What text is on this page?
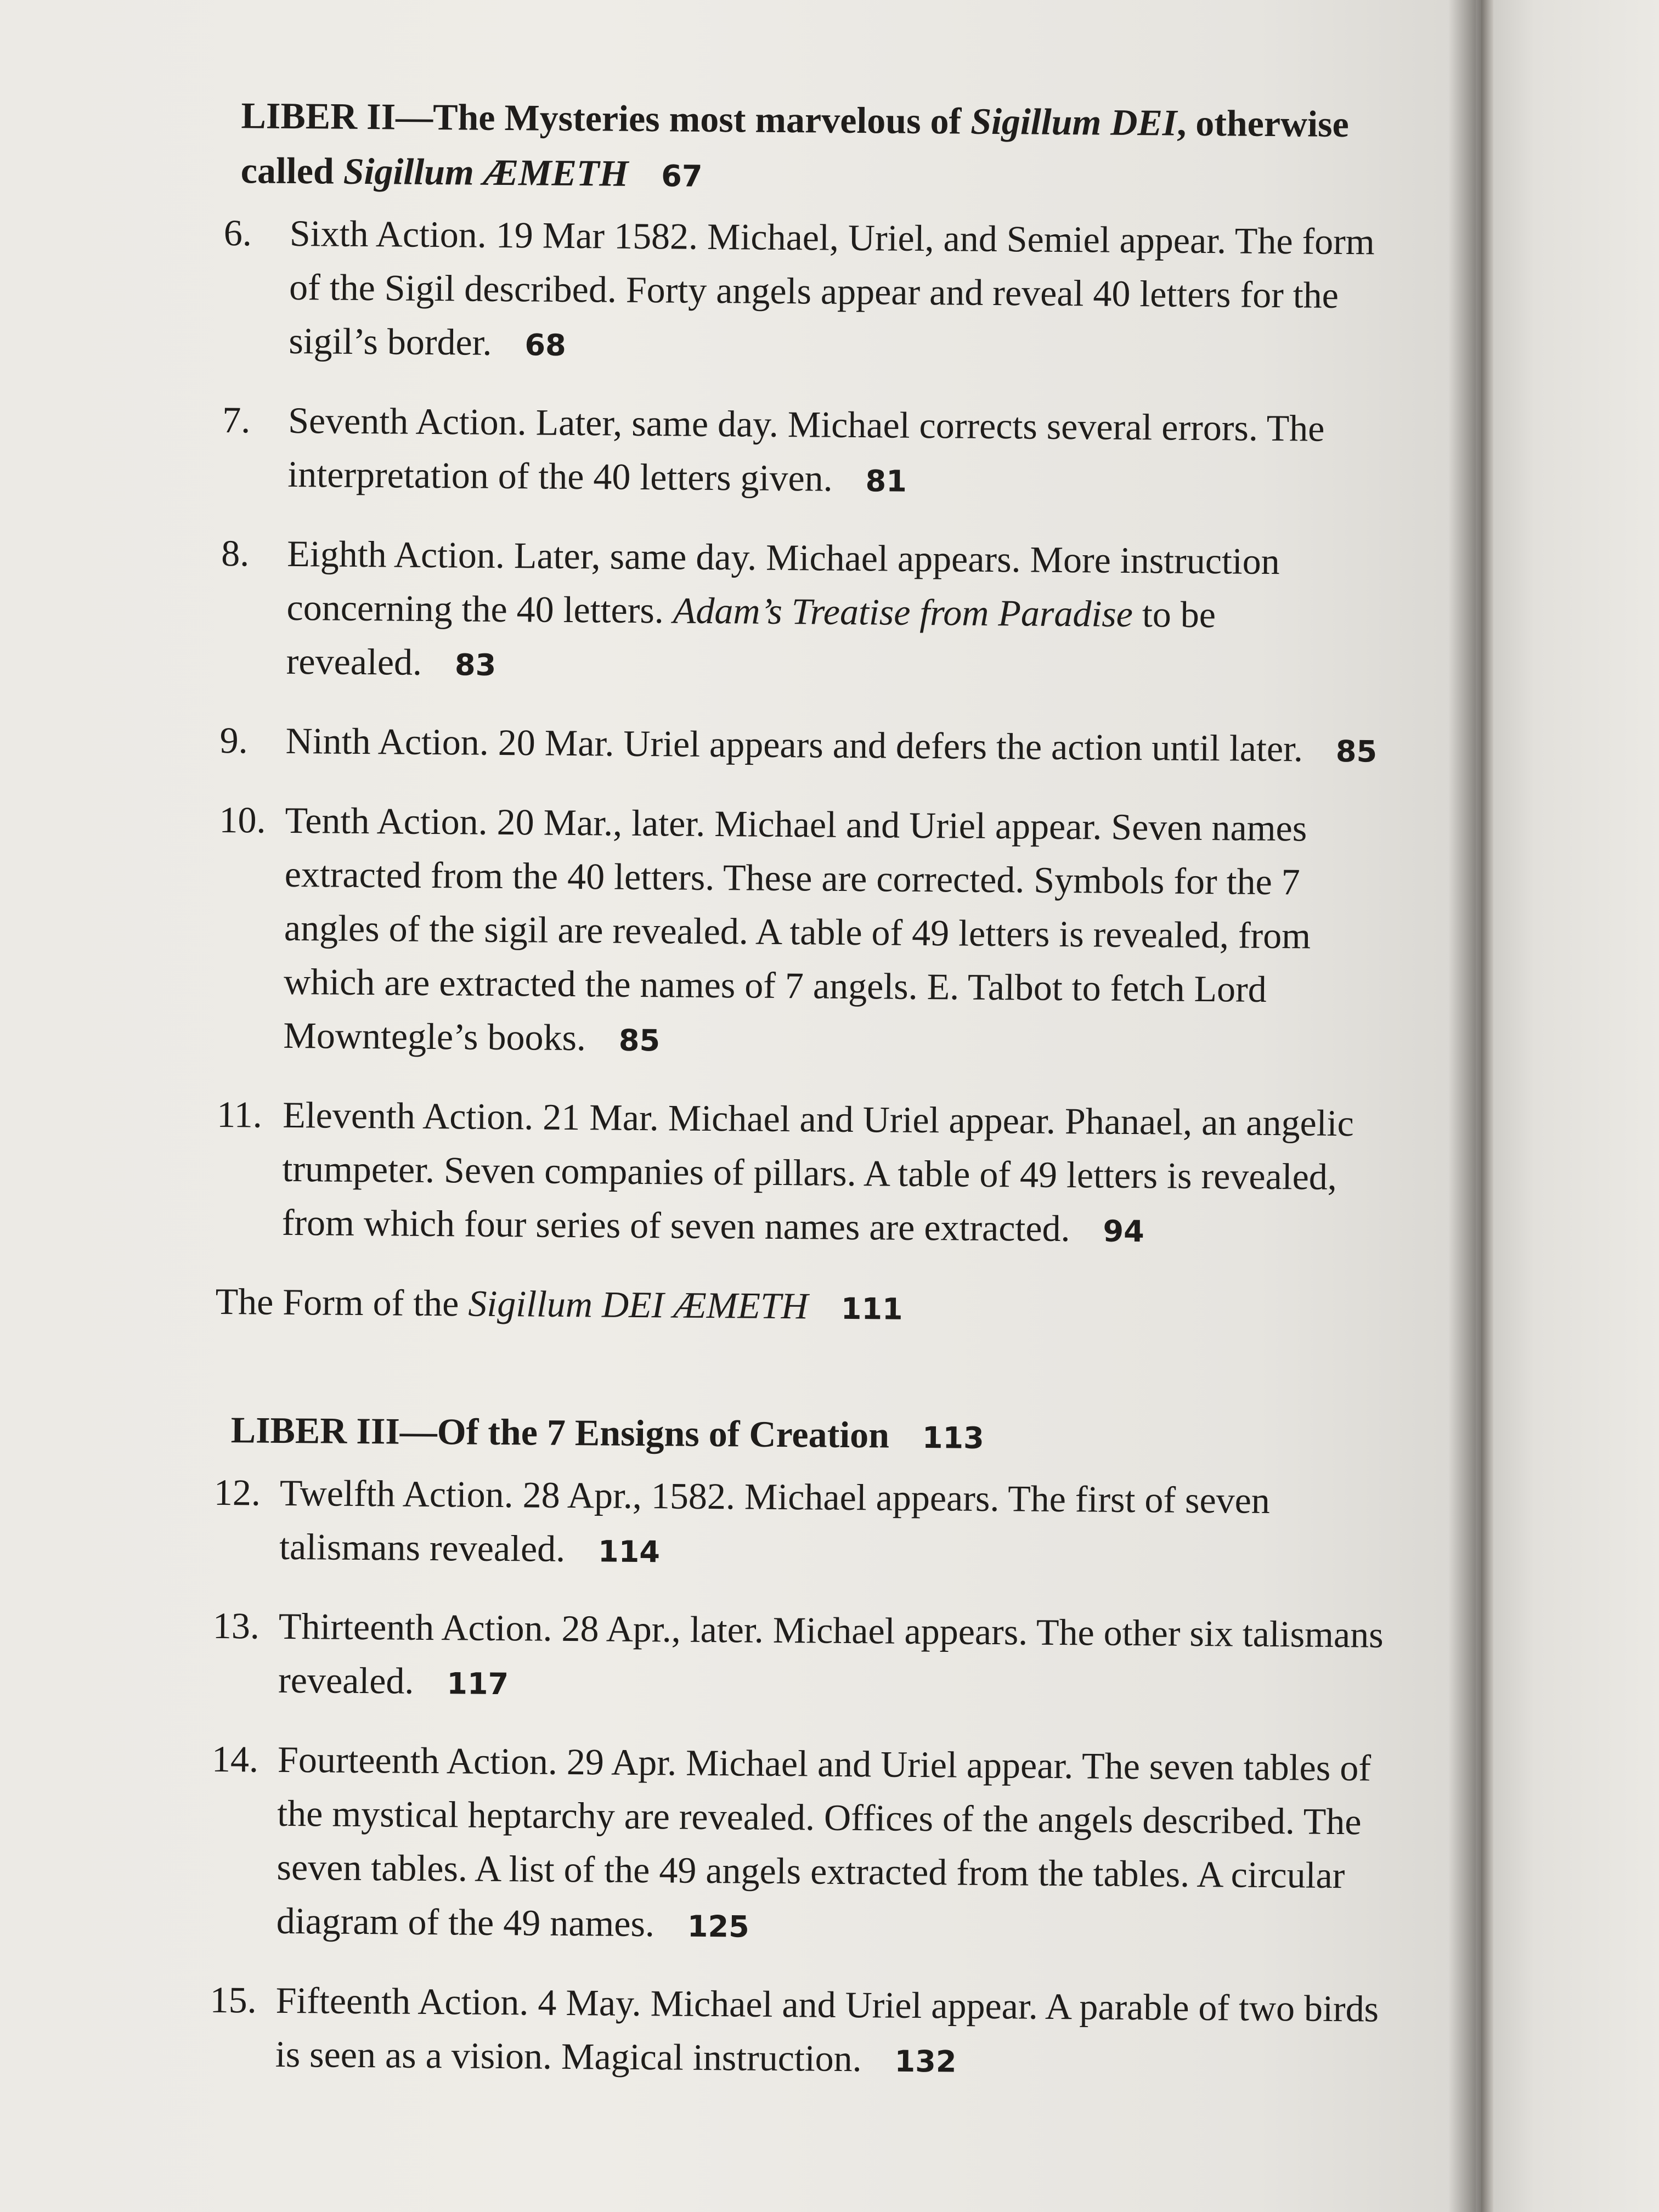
LIBER II—The Mysteries most marvelous of Sigillum DEI, otherwise called Sigillum ÆMETH 67
6. Sixth Action. 19 Mar 1582. Michael, Uriel, and Semiel appear. The form of the Sigil described. Forty angels appear and reveal 40 letters for the sigil’s border. 68
7. Seventh Action. Later, same day. Michael corrects several errors. The interpretation of the 40 letters given. 81
8. Eighth Action. Later, same day. Michael appears. More instruction concerning the 40 letters. Adam’s Treatise from Paradise to be revealed. 83
9. Ninth Action. 20 Mar. Uriel appears and defers the action until later. 85
10. Tenth Action. 20 Mar., later. Michael and Uriel appear. Seven names extracted from the 40 letters. These are corrected. Symbols for the 7 angles of the sigil are revealed. A table of 49 letters is revealed, from which are extracted the names of 7 angels. E. Talbot to fetch Lord Mowntegle’s books. 85
11. Eleventh Action. 21 Mar. Michael and Uriel appear. Phanael, an angelic trumpeter. Seven companies of pillars. A table of 49 letters is revealed, from which four series of seven names are extracted. 94
The Form of the Sigillum DEI ÆMETH 111
LIBER III—Of the 7 Ensigns of Creation 113
12. Twelfth Action. 28 Apr., 1582. Michael appears. The first of seven talismans revealed. 114
13. Thirteenth Action. 28 Apr., later. Michael appears. The other six talismans revealed. 117
14. Fourteenth Action. 29 Apr. Michael and Uriel appear. The seven tables of the mystical heptarchy are revealed. Offices of the angels described. The seven tables. A list of the 49 angels extracted from the tables. A circular diagram of the 49 names. 125
15. Fifteenth Action. 4 May. Michael and Uriel appear. A parable of two birds is seen as a vision. Magical instruction. 132
